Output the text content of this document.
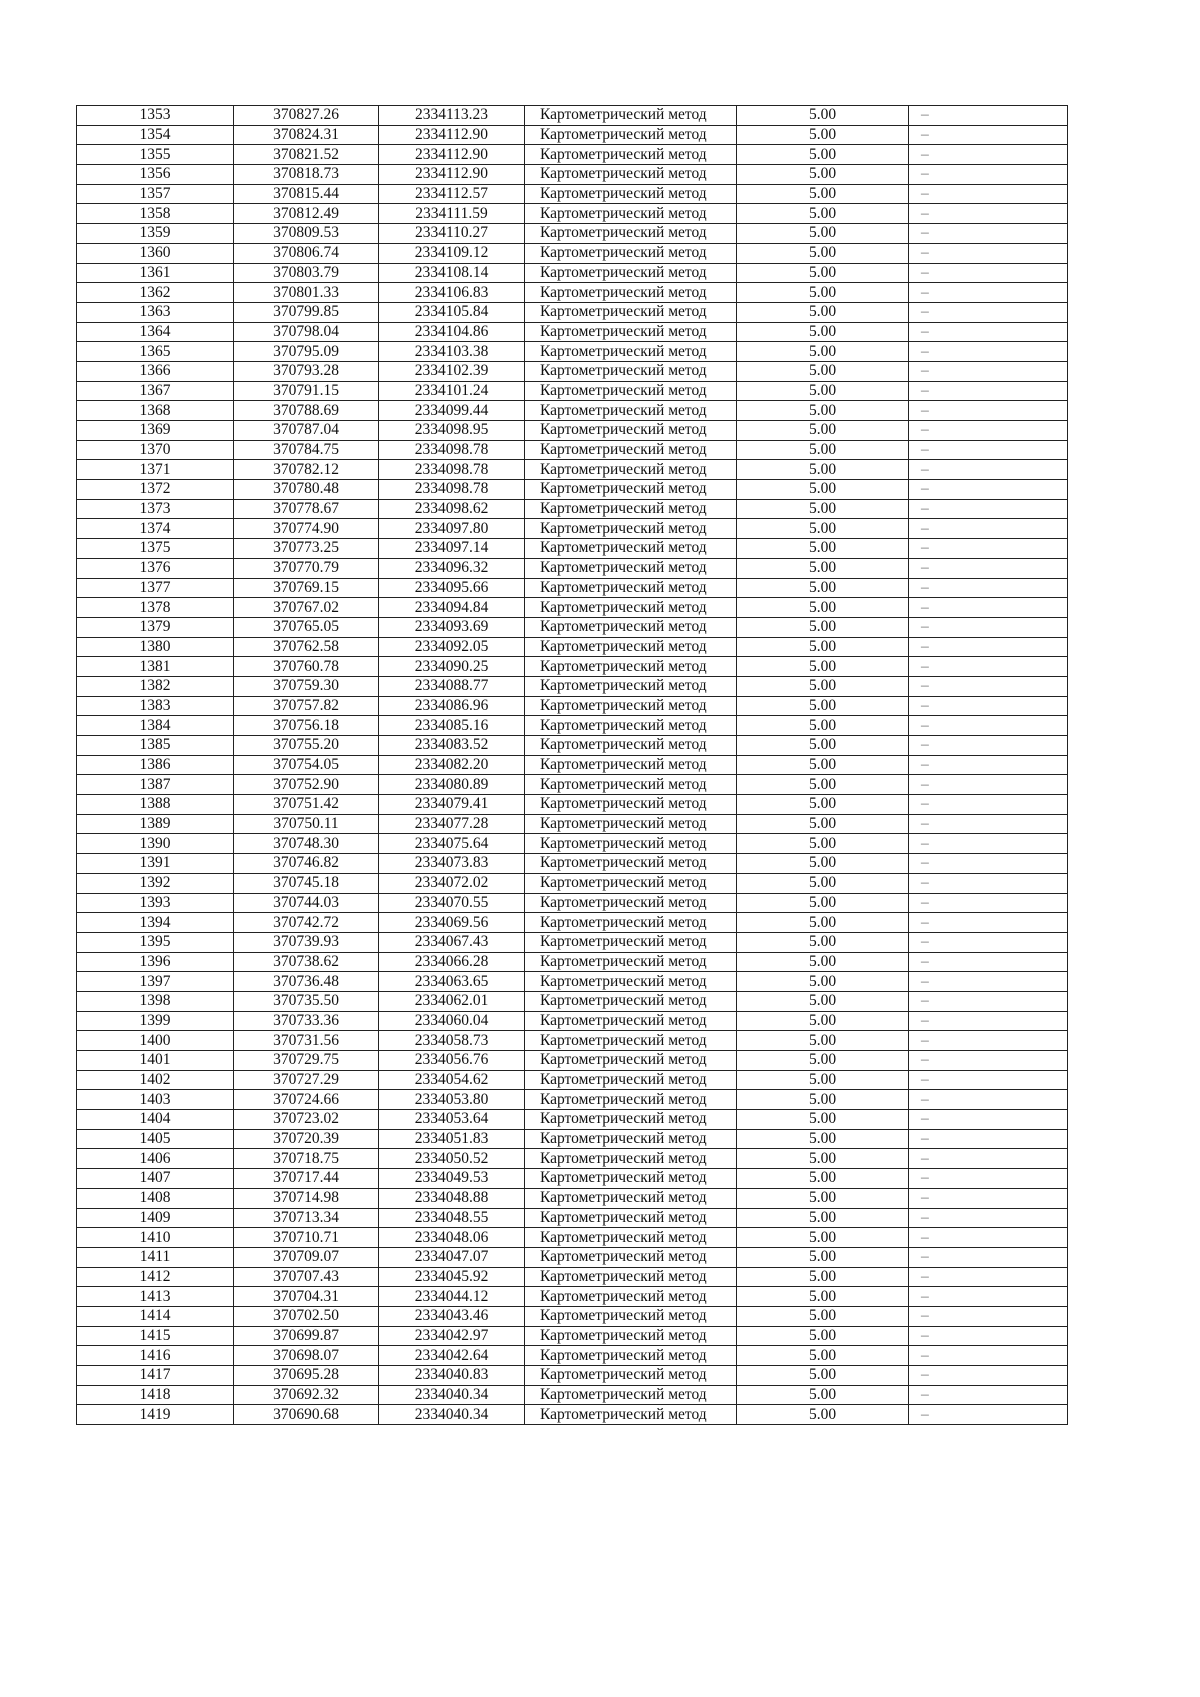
1353	370827.26	2334113.23	Картометрический метод	5.00	–
1354	370824.31	2334112.90	Картометрический метод	5.00	–
1355	370821.52	2334112.90	Картометрический метод	5.00	–
1356	370818.73	2334112.90	Картометрический метод	5.00	–
1357	370815.44	2334112.57	Картометрический метод	5.00	–
1358	370812.49	2334111.59	Картометрический метод	5.00	–
1359	370809.53	2334110.27	Картометрический метод	5.00	–
1360	370806.74	2334109.12	Картометрический метод	5.00	–
1361	370803.79	2334108.14	Картометрический метод	5.00	–
1362	370801.33	2334106.83	Картометрический метод	5.00	–
1363	370799.85	2334105.84	Картометрический метод	5.00	–
1364	370798.04	2334104.86	Картометрический метод	5.00	–
1365	370795.09	2334103.38	Картометрический метод	5.00	–
1366	370793.28	2334102.39	Картометрический метод	5.00	–
1367	370791.15	2334101.24	Картометрический метод	5.00	–
1368	370788.69	2334099.44	Картометрический метод	5.00	–
1369	370787.04	2334098.95	Картометрический метод	5.00	–
1370	370784.75	2334098.78	Картометрический метод	5.00	–
1371	370782.12	2334098.78	Картометрический метод	5.00	–
1372	370780.48	2334098.78	Картометрический метод	5.00	–
1373	370778.67	2334098.62	Картометрический метод	5.00	–
1374	370774.90	2334097.80	Картометрический метод	5.00	–
1375	370773.25	2334097.14	Картометрический метод	5.00	–
1376	370770.79	2334096.32	Картометрический метод	5.00	–
1377	370769.15	2334095.66	Картометрический метод	5.00	–
1378	370767.02	2334094.84	Картометрический метод	5.00	–
1379	370765.05	2334093.69	Картометрический метод	5.00	–
1380	370762.58	2334092.05	Картометрический метод	5.00	–
1381	370760.78	2334090.25	Картометрический метод	5.00	–
1382	370759.30	2334088.77	Картометрический метод	5.00	–
1383	370757.82	2334086.96	Картометрический метод	5.00	–
1384	370756.18	2334085.16	Картометрический метод	5.00	–
1385	370755.20	2334083.52	Картометрический метод	5.00	–
1386	370754.05	2334082.20	Картометрический метод	5.00	–
1387	370752.90	2334080.89	Картометрический метод	5.00	–
1388	370751.42	2334079.41	Картометрический метод	5.00	–
1389	370750.11	2334077.28	Картометрический метод	5.00	–
1390	370748.30	2334075.64	Картометрический метод	5.00	–
1391	370746.82	2334073.83	Картометрический метод	5.00	–
1392	370745.18	2334072.02	Картометрический метод	5.00	–
1393	370744.03	2334070.55	Картометрический метод	5.00	–
1394	370742.72	2334069.56	Картометрический метод	5.00	–
1395	370739.93	2334067.43	Картометрический метод	5.00	–
1396	370738.62	2334066.28	Картометрический метод	5.00	–
1397	370736.48	2334063.65	Картометрический метод	5.00	–
1398	370735.50	2334062.01	Картометрический метод	5.00	–
1399	370733.36	2334060.04	Картометрический метод	5.00	–
1400	370731.56	2334058.73	Картометрический метод	5.00	–
1401	370729.75	2334056.76	Картометрический метод	5.00	–
1402	370727.29	2334054.62	Картометрический метод	5.00	–
1403	370724.66	2334053.80	Картометрический метод	5.00	–
1404	370723.02	2334053.64	Картометрический метод	5.00	–
1405	370720.39	2334051.83	Картометрический метод	5.00	–
1406	370718.75	2334050.52	Картометрический метод	5.00	–
1407	370717.44	2334049.53	Картометрический метод	5.00	–
1408	370714.98	2334048.88	Картометрический метод	5.00	–
1409	370713.34	2334048.55	Картометрический метод	5.00	–
1410	370710.71	2334048.06	Картометрический метод	5.00	–
1411	370709.07	2334047.07	Картометрический метод	5.00	–
1412	370707.43	2334045.92	Картометрический метод	5.00	–
1413	370704.31	2334044.12	Картометрический метод	5.00	–
1414	370702.50	2334043.46	Картометрический метод	5.00	–
1415	370699.87	2334042.97	Картометрический метод	5.00	–
1416	370698.07	2334042.64	Картометрический метод	5.00	–
1417	370695.28	2334040.83	Картометрический метод	5.00	–
1418	370692.32	2334040.34	Картометрический метод	5.00	–
1419	370690.68	2334040.34	Картометрический метод	5.00	–
